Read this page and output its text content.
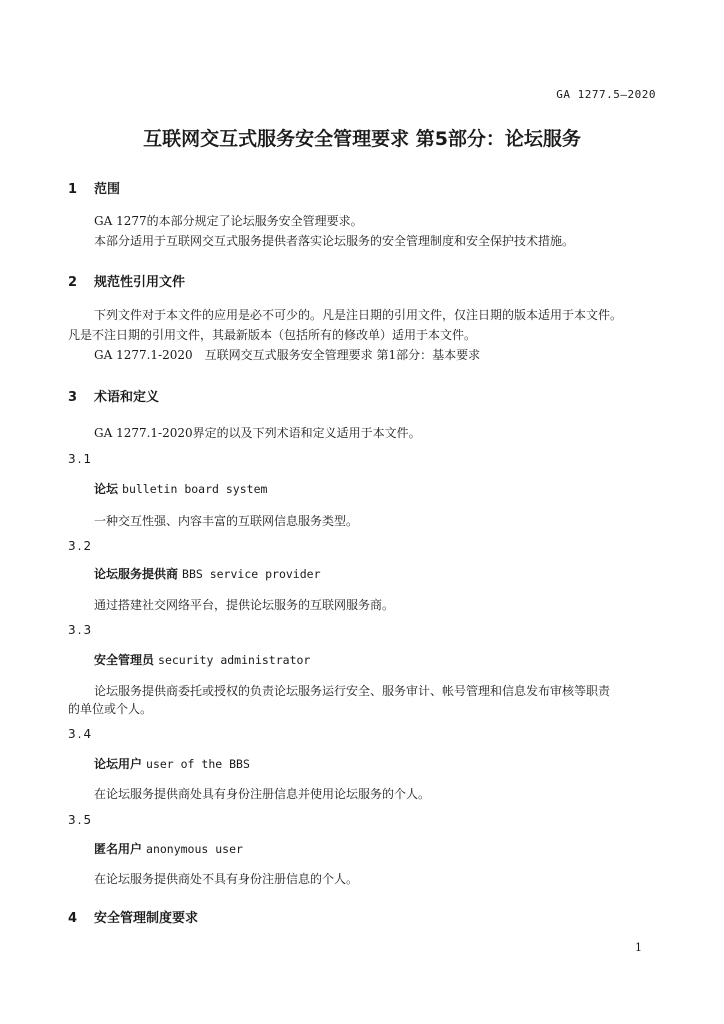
GA 1277.5—2020
互联网交互式服务安全管理要求 第5部分：论坛服务
1 范围
GA 1277的本部分规定了论坛服务安全管理要求。
本部分适用于互联网交互式服务提供者落实论坛服务的安全管理制度和安全保护技术措施。
2 规范性引用文件
下列文件对于本文件的应用是必不可少的。凡是注日期的引用文件，仅注日期的版本适用于本文件。
凡是不注日期的引用文件，其最新版本（包括所有的修改单）适用于本文件。
GA 1277.1-2020　互联网交互式服务安全管理要求 第1部分：基本要求
3 术语和定义
GA 1277.1-2020界定的以及下列术语和定义适用于本文件。
3.1
论坛 bulletin board system
一种交互性强、内容丰富的互联网信息服务类型。
3.2
论坛服务提供商 BBS service provider
通过搭建社交网络平台，提供论坛服务的互联网服务商。
3.3
安全管理员 security administrator
论坛服务提供商委托或授权的负责论坛服务运行安全、服务审计、帐号管理和信息发布审核等职责
的单位或个人。
3.4
论坛用户 user of the BBS
在论坛服务提供商处具有身份注册信息并使用论坛服务的个人。
3.5
匿名用户 anonymous user
在论坛服务提供商处不具有身份注册信息的个人。
4 安全管理制度要求
1
